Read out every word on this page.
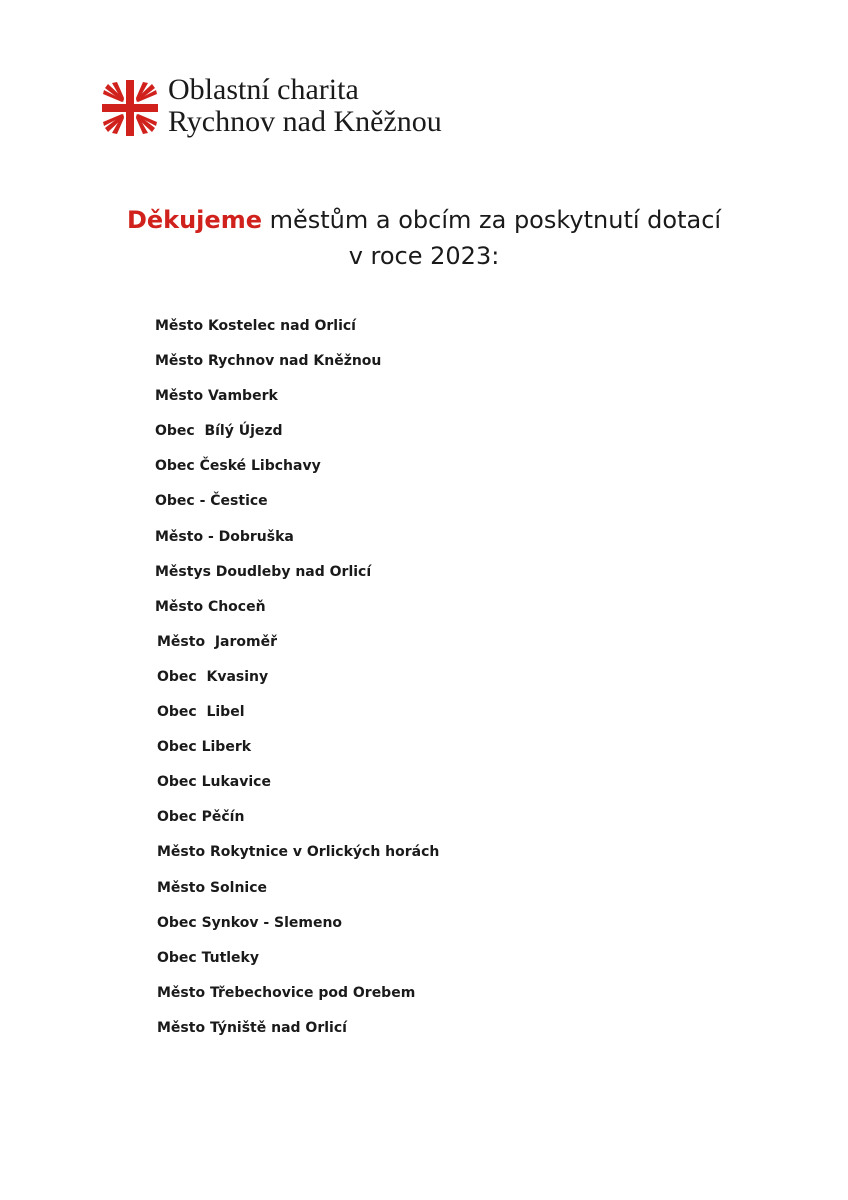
Oblastní charita
Rychnov nad Kněžnou
Děkujeme městům a obcím za poskytnutí dotací
v roce 2023:
Město Kostelec nad Orlicí
Město Rychnov nad Kněžnou
Město Vamberk
Obec  Bílý Újezd
Obec České Libchavy
Obec - Čestice
Město - Dobruška
Městys Doudleby nad Orlicí
Město Choceň
Město  Jaroměř
Obec  Kvasiny
Obec  Libel
Obec Liberk
Obec Lukavice
Obec Pěčín
Město Rokytnice v Orlických horách
Město Solnice
Obec Synkov - Slemeno
Obec Tutleky
Město Třebechovice pod Orebem
Město Týniště nad Orlicí
